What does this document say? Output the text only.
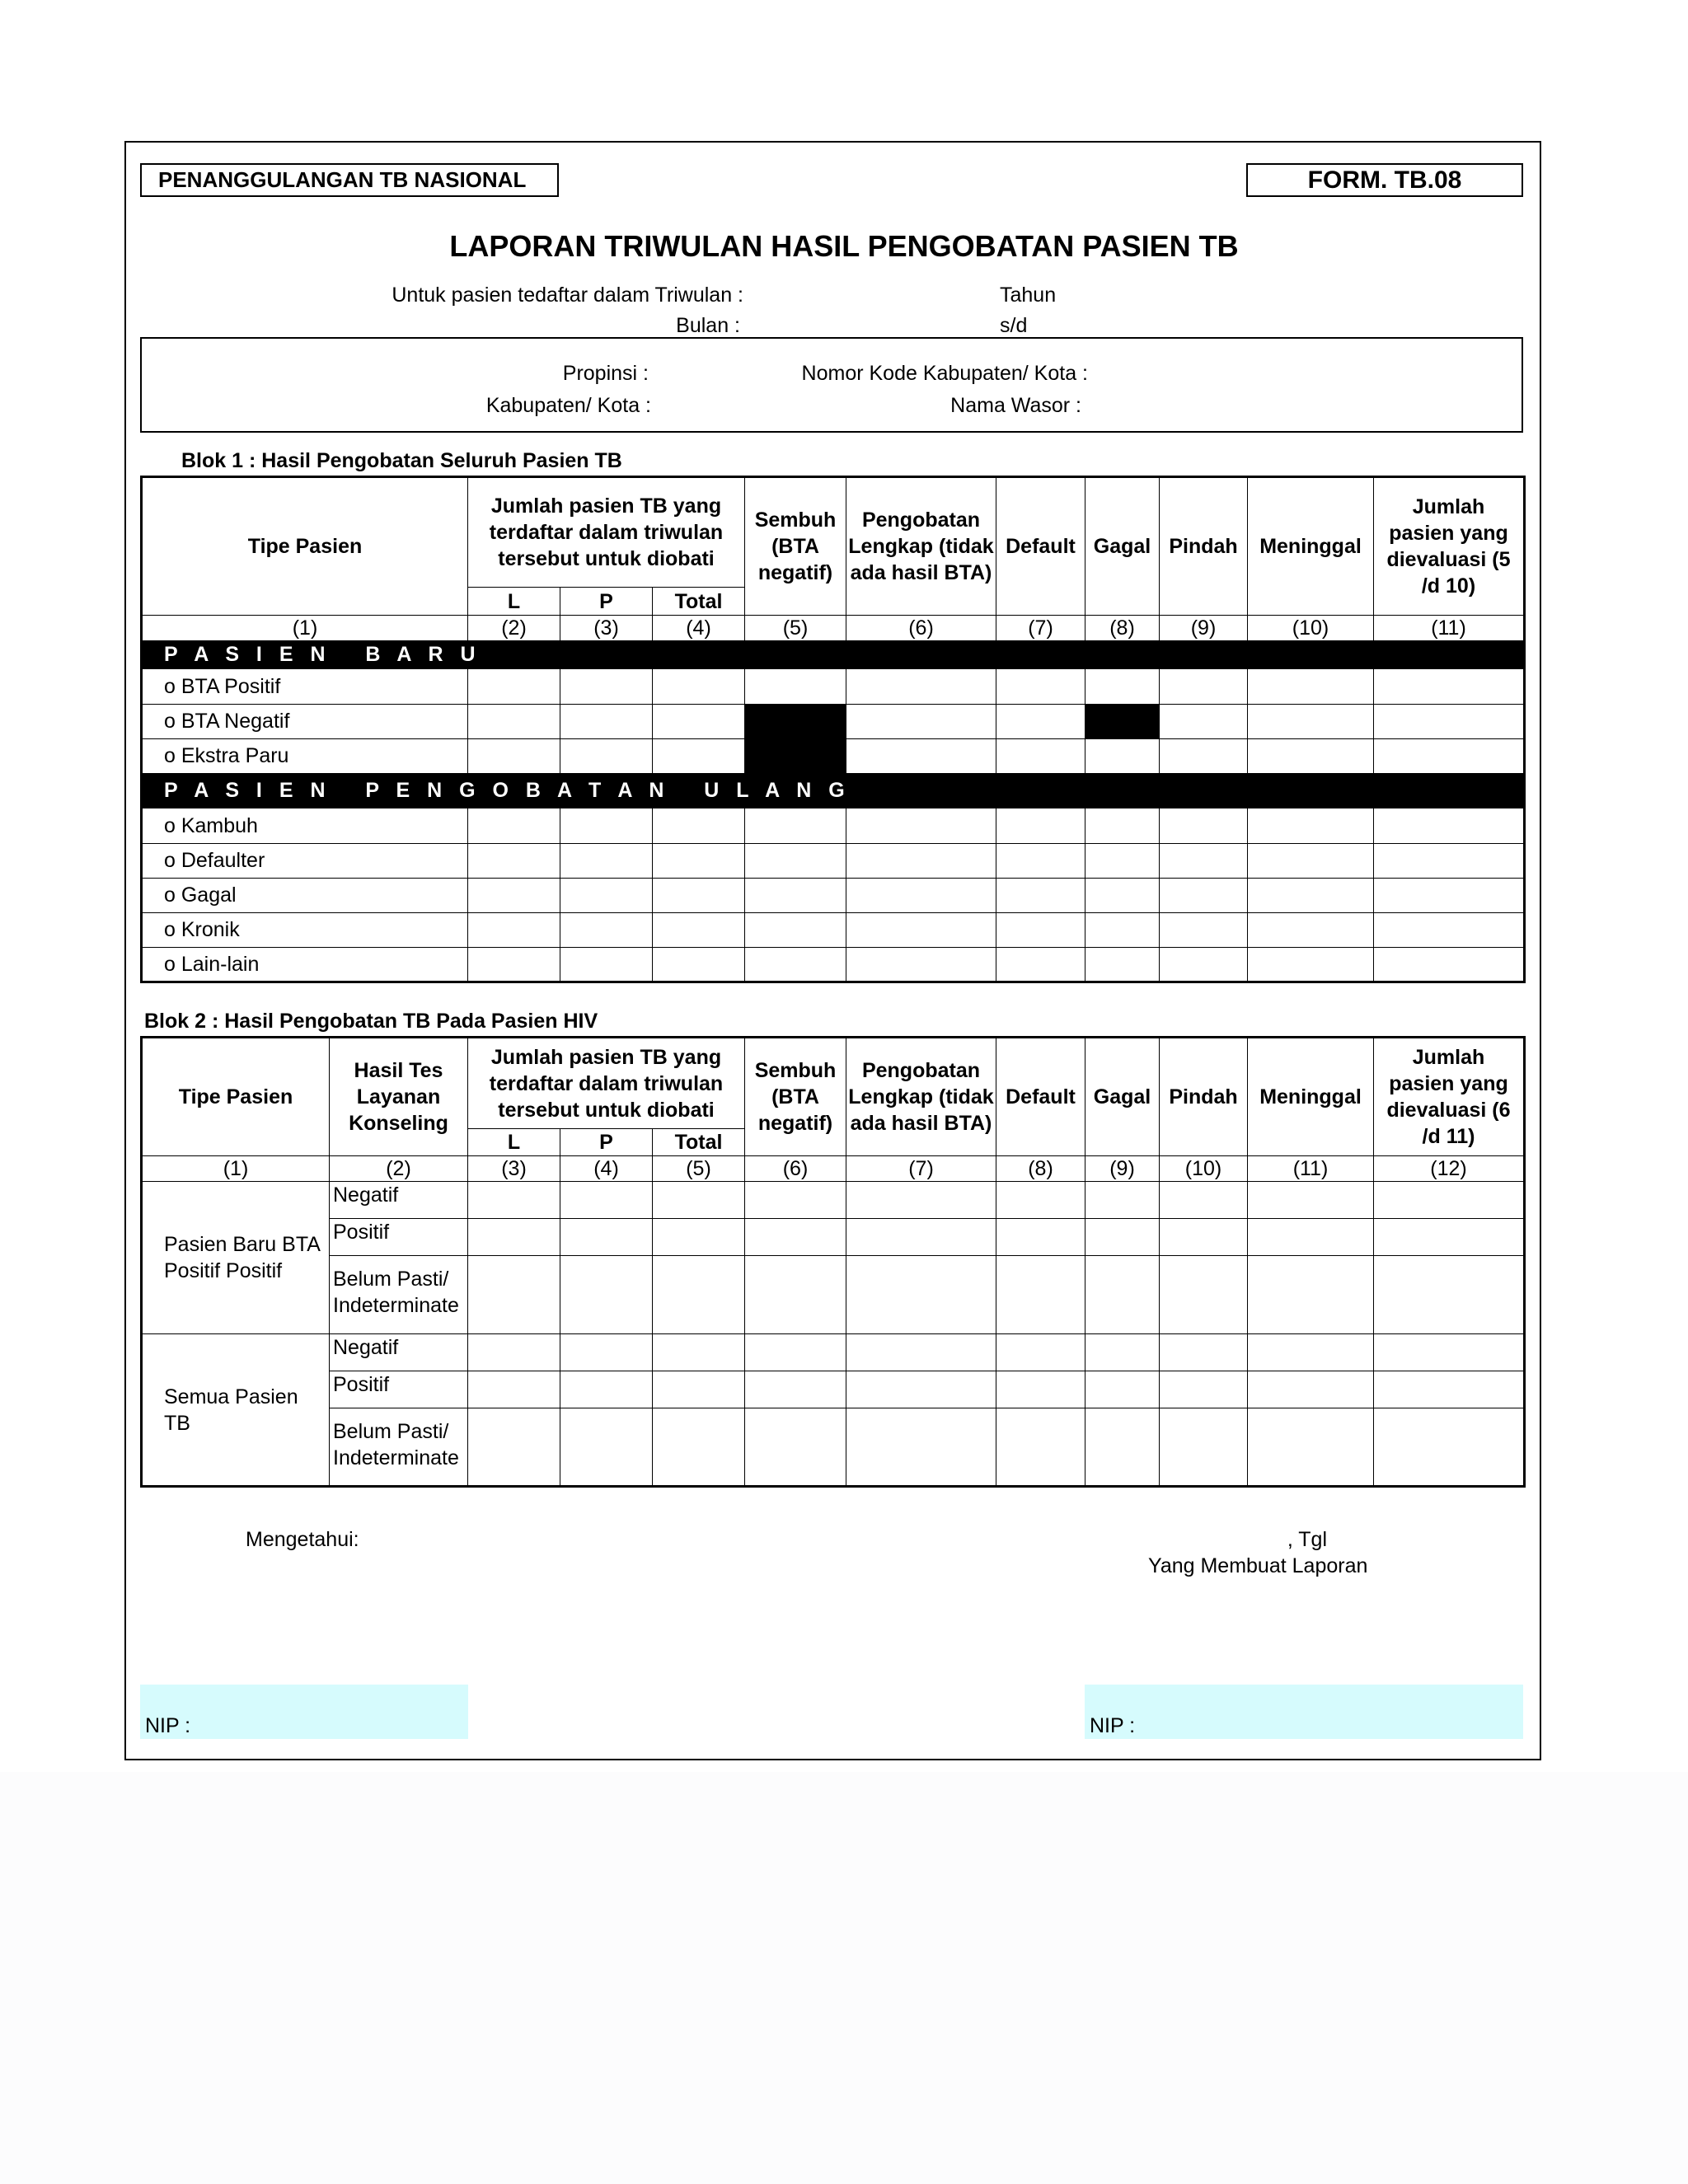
PENANGGULANGAN TB NASIONAL	FORM. TB.08
LAPORAN TRIWULAN HASIL PENGOBATAN PASIEN TB
Untuk pasien tedaftar dalam Triwulan :	Tahun
Bulan :	s/d
Propinsi :
Kabupaten/ Kota :
Nomor Kode Kabupaten/ Kota :
Nama Wasor :
Blok 1 : Hasil Pengobatan Seluruh Pasien TB
Tipe Pasien	Jumlah pasien TB yang terdaftar dalam triwulan tersebut untuk diobati			Sembuh (BTA negatif)	Pengobatan Lengkap (tidak ada hasil BTA)	Default	Gagal	Pindah	Meninggal	Jumlah pasien yang dievaluasi (5 /d 10)
	L	P	Total							
(1)	(2)	(3)	(4)	(5)	(6)	(7)	(8)	(9)	(10)	(11)
P A S I E N   B A R U										
o BTA Positif										
o BTA Negatif										
o Ekstra Paru										
P A S I E N   P E N G O B A T A N   U L A N G										
o Kambuh										
o Defaulter										
o Gagal										
o Kronik										
o Lain-lain										
Blok 2 : Hasil Pengobatan TB Pada Pasien HIV
Tipe Pasien	Hasil Tes Layanan Konseling	Jumlah pasien TB yang terdaftar dalam triwulan tersebut untuk diobati			Sembuh (BTA negatif)	Pengobatan Lengkap (tidak ada hasil BTA)	Default	Gagal	Pindah	Meninggal	Jumlah pasien yang dievaluasi (6 /d 11)
		L	P	Total							
(1)	(2)	(3)	(4)	(5)	(6)	(7)	(8)	(9)	(10)	(11)	(12)
Pasien Baru BTA Positif Positif	Negatif										
	Positif										
	Belum Pasti/ Indeterminate										
Semua Pasien TB	Negatif										
	Positif										
	Belum Pasti/ Indeterminate										
Mengetahui:	, Tgl
Yang Membuat Laporan
NIP :	NIP :
